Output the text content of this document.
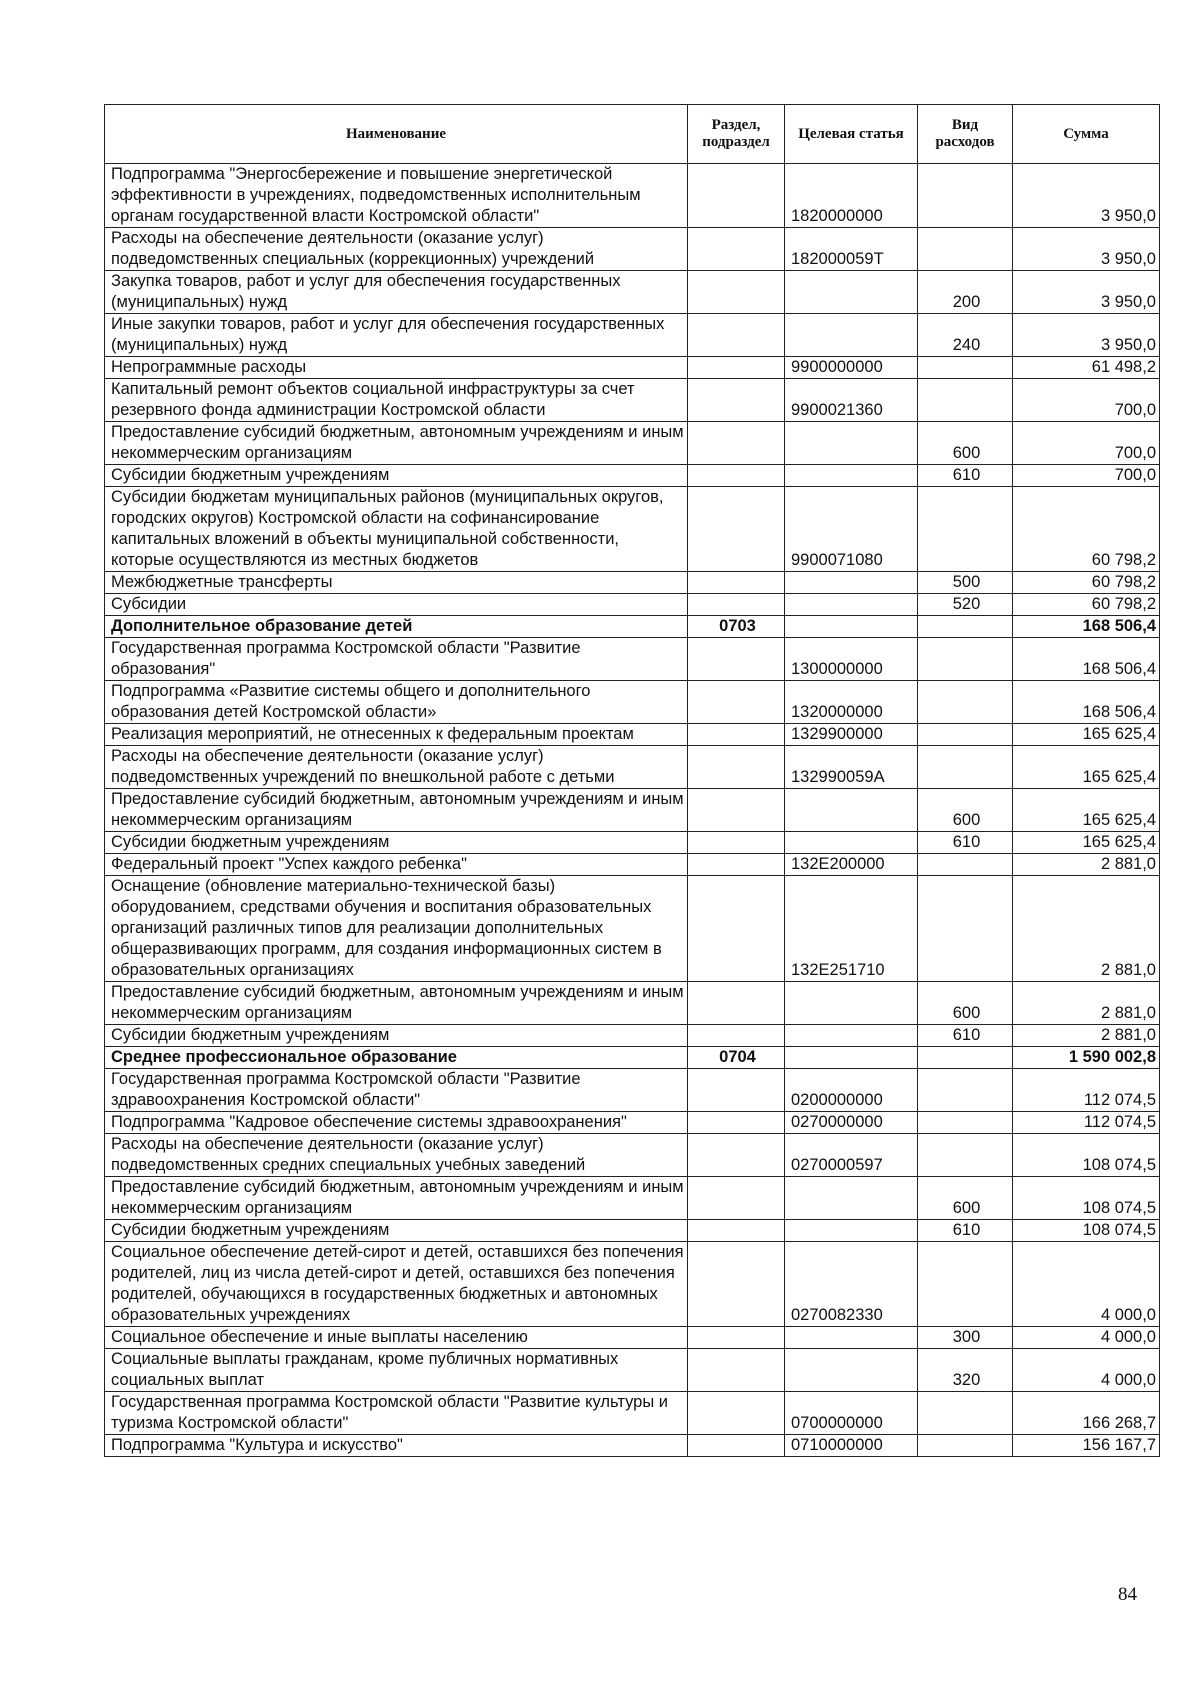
Наименование	Раздел, подраздел	Целевая статья	Вид расходов	Сумма
Подпрограмма "Энергосбережение и повышение энергетической эффективности в учреждениях, подведомственных исполнительным органам государственной власти Костромской области"		1820000000		3 950,0
Расходы на обеспечение деятельности (оказание услуг) подведомственных специальных (коррекционных) учреждений		182000059Т		3 950,0
Закупка товаров, работ и услуг для обеспечения государственных (муниципальных) нужд			200	3 950,0
Иные закупки товаров, работ и услуг для обеспечения государственных (муниципальных) нужд			240	3 950,0
Непрограммные расходы		9900000000		61 498,2
Капитальный ремонт объектов социальной инфраструктуры за счет резервного фонда администрации Костромской области		9900021360		700,0
Предоставление субсидий бюджетным, автономным учреждениям и иным некоммерческим организациям			600	700,0
Субсидии бюджетным учреждениям			610	700,0
Субсидии бюджетам муниципальных районов (муниципальных округов, городских округов) Костромской области на софинансирование капитальных вложений в объекты муниципальной собственности, которые осуществляются из местных бюджетов		9900071080		60 798,2
Межбюджетные трансферты			500	60 798,2
Субсидии			520	60 798,2
Дополнительное образование детей	0703			168 506,4
Государственная программа Костромской области "Развитие образования"		1300000000		168 506,4
Подпрограмма «Развитие системы общего и дополнительного образования детей Костромской области»		1320000000		168 506,4
Реализация мероприятий, не отнесенных к федеральным проектам		1329900000		165 625,4
Расходы на обеспечение деятельности (оказание услуг) подведомственных учреждений по внешкольной работе с детьми		132990059А		165 625,4
Предоставление субсидий бюджетным, автономным учреждениям и иным некоммерческим организациям			600	165 625,4
Субсидии бюджетным учреждениям			610	165 625,4
Федеральный проект "Успех каждого ребенка"		132Е200000		2 881,0
Оснащение (обновление материально-технической базы) оборудованием, средствами обучения и воспитания образовательных организаций различных типов для реализации дополнительных общеразвивающих программ, для создания информационных систем в образовательных организациях		132Е251710		2 881,0
Предоставление субсидий бюджетным, автономным учреждениям и иным некоммерческим организациям			600	2 881,0
Субсидии бюджетным учреждениям			610	2 881,0
Среднее профессиональное образование	0704			1 590 002,8
Государственная программа Костромской области "Развитие здравоохранения Костромской области"		0200000000		112 074,5
Подпрограмма "Кадровое обеспечение системы здравоохранения"		0270000000		112 074,5
Расходы на обеспечение деятельности (оказание услуг) подведомственных средних специальных учебных заведений		0270000597		108 074,5
Предоставление субсидий бюджетным, автономным учреждениям и иным некоммерческим организациям			600	108 074,5
Субсидии бюджетным учреждениям			610	108 074,5
Социальное обеспечение детей-сирот и детей, оставшихся без попечения родителей, лиц из числа детей-сирот и детей, оставшихся без попечения родителей, обучающихся в государственных бюджетных и автономных образовательных учреждениях		0270082330		4 000,0
Социальное обеспечение и иные выплаты населению			300	4 000,0
Социальные выплаты гражданам, кроме публичных нормативных социальных выплат			320	4 000,0
Государственная программа Костромской области "Развитие культуры и туризма Костромской области"		0700000000		166 268,7
Подпрограмма "Культура и искусство"		0710000000		156 167,7
84
